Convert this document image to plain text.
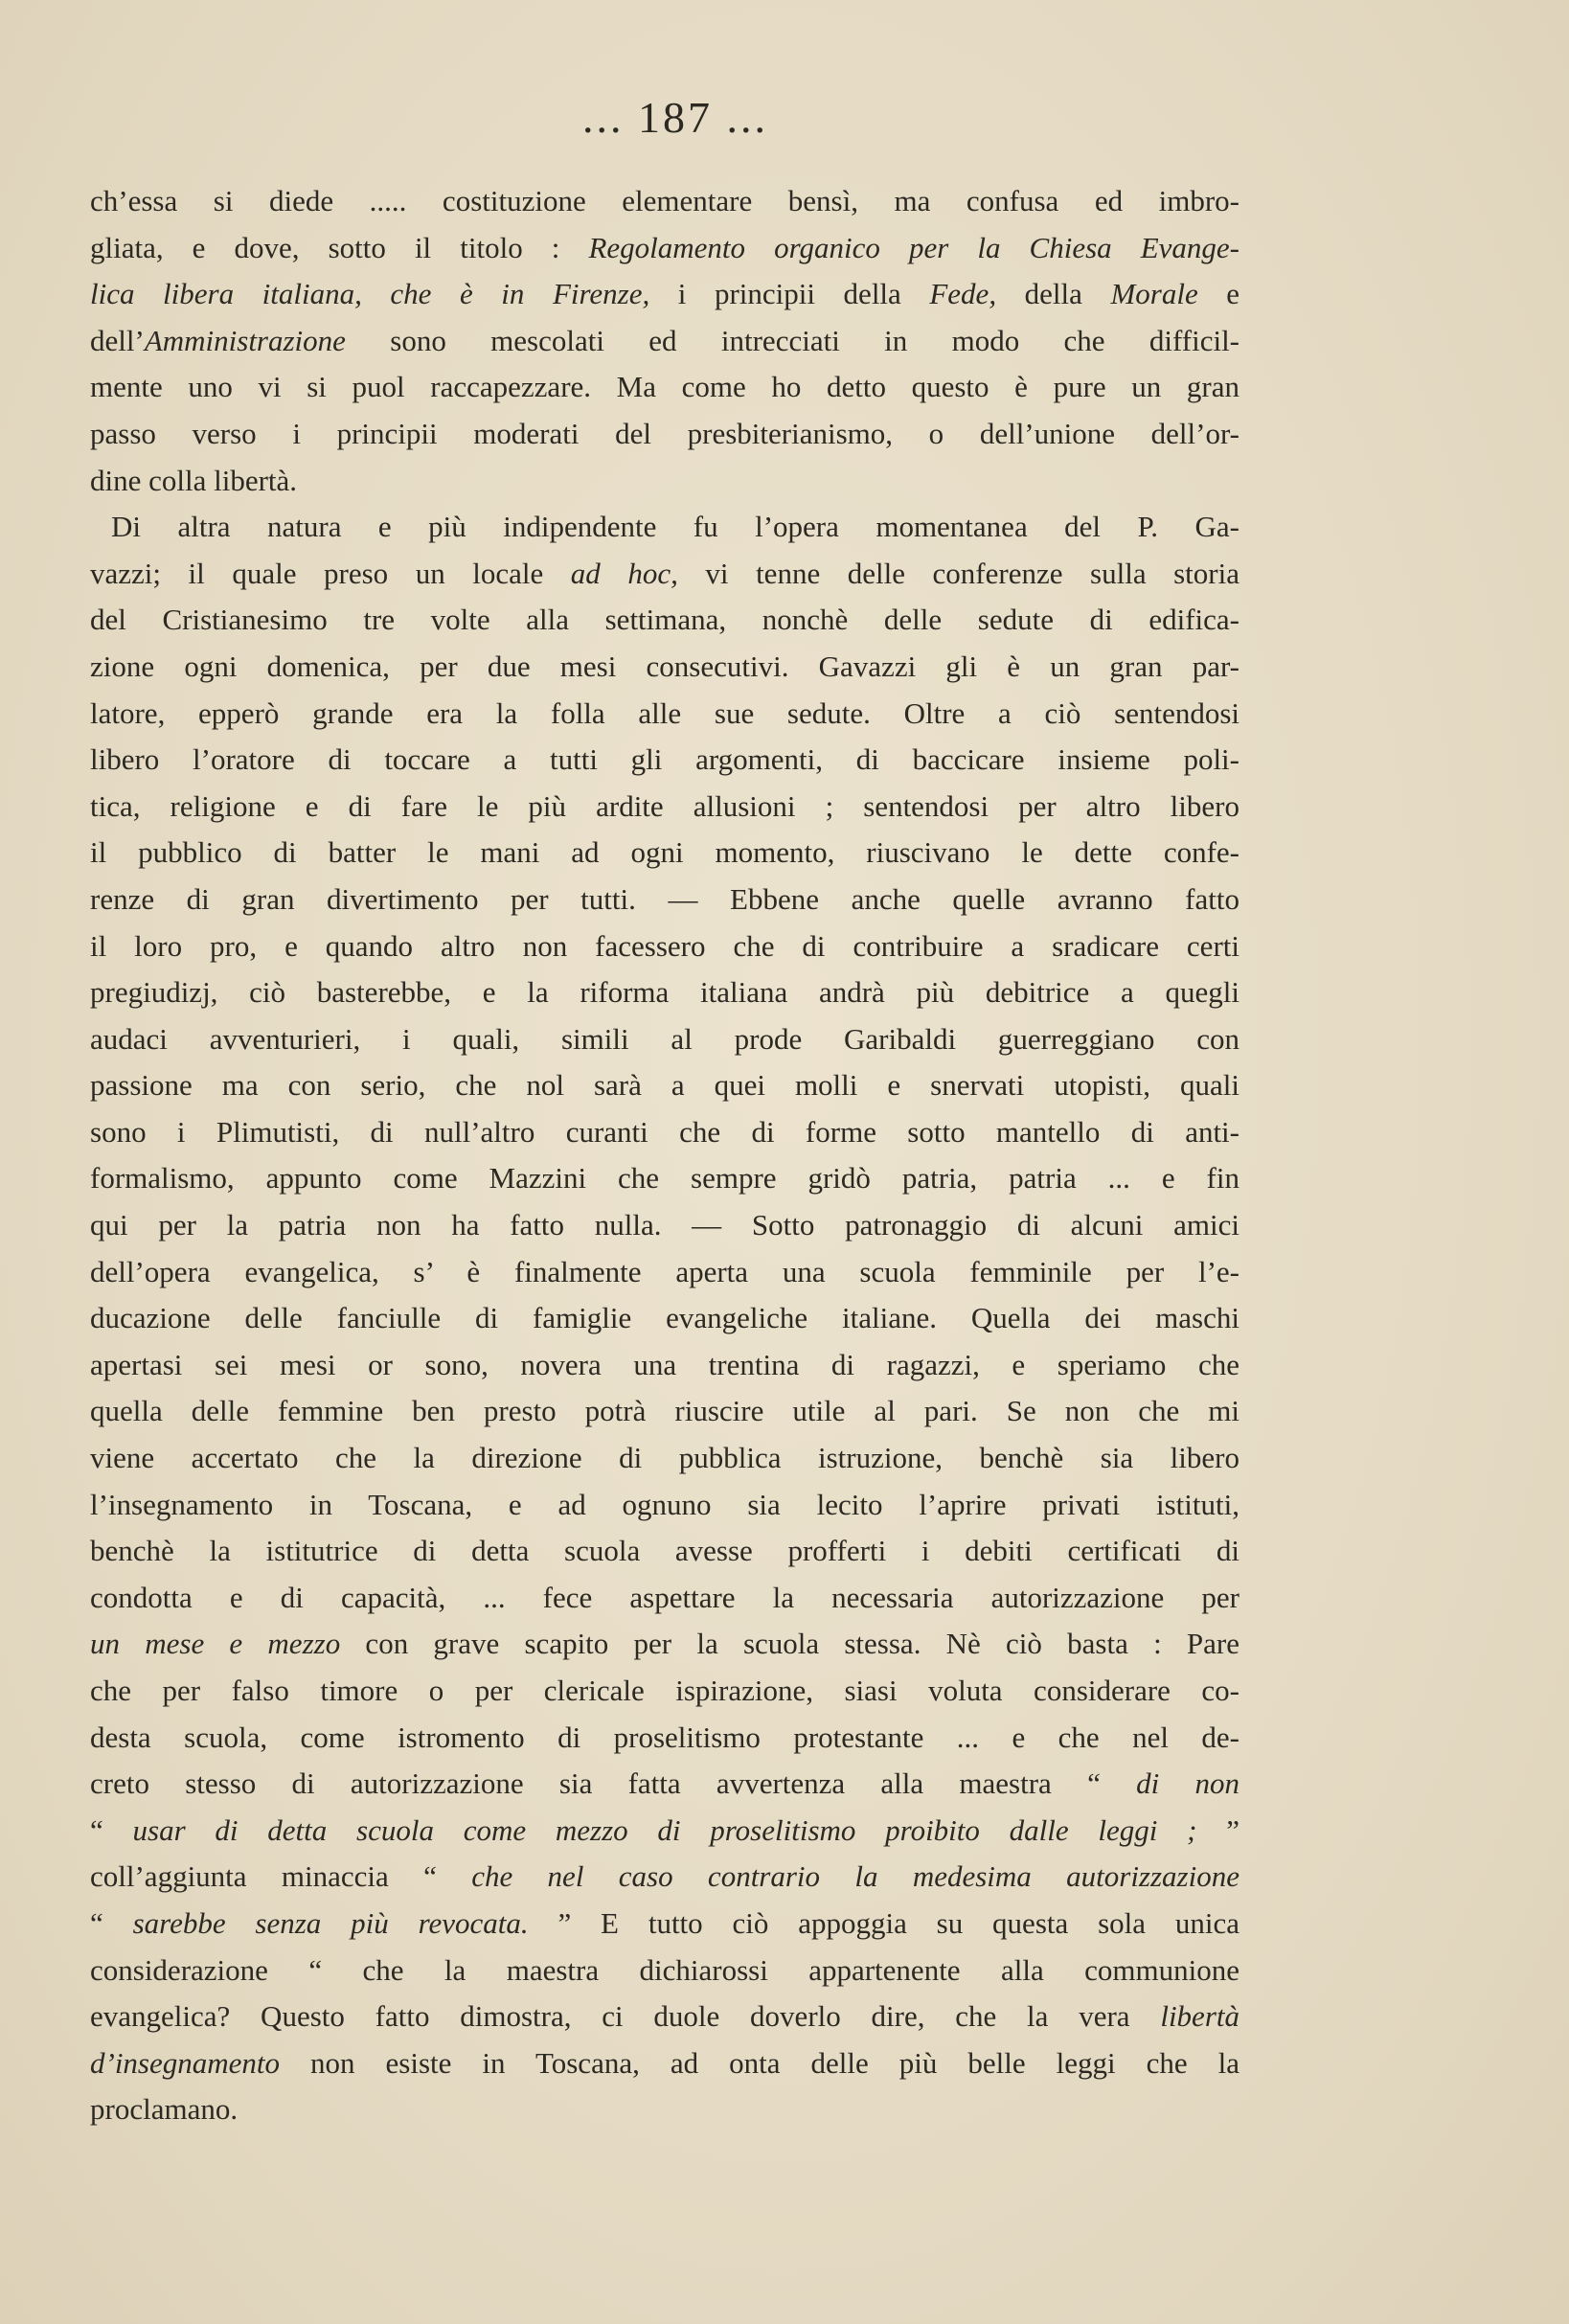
... 187 ...
ch’essa si diede ..... costituzione elementare bensì, ma confusa ed imbro-
gliata, e dove, sotto il titolo : Regolamento organico per la Chiesa Evange-
lica libera italiana, che è in Firenze, i principii della Fede, della Morale e
dell’Amministrazione sono mescolati ed intrecciati in modo che difficil-
mente uno vi si puol raccapezzare. Ma come ho detto questo è pure un gran
passo verso i principii moderati del presbiterianismo, o dell’unione dell’or-
dine colla libertà.
Di altra natura e più indipendente fu l’opera momentanea del P. Ga-
vazzi; il quale preso un locale ad hoc, vi tenne delle conferenze sulla storia
del Cristianesimo tre volte alla settimana, nonchè delle sedute di edifica-
zione ogni domenica, per due mesi consecutivi. Gavazzi gli è un gran par-
latore, epperò grande era la folla alle sue sedute. Oltre a ciò sentendosi
libero l’oratore di toccare a tutti gli argomenti, di baccicare insieme poli-
tica, religione e di fare le più ardite allusioni ; sentendosi per altro libero
il pubblico di batter le mani ad ogni momento, riuscivano le dette confe-
renze di gran divertimento per tutti. — Ebbene anche quelle avranno fatto
il loro pro, e quando altro non facessero che di contribuire a sradicare certi
pregiudizj, ciò basterebbe, e la riforma italiana andrà più debitrice a quegli
audaci avventurieri, i quali, simili al prode Garibaldi guerreggiano con
passione ma con serio, che nol sarà a quei molli e snervati utopisti, quali
sono i Plimutisti, di null’altro curanti che di forme sotto mantello di anti-
formalismo, appunto come Mazzini che sempre gridò patria, patria ... e fin
qui per la patria non ha fatto nulla. — Sotto patronaggio di alcuni amici
dell’opera evangelica, s’ è finalmente aperta una scuola femminile per l’e-
ducazione delle fanciulle di famiglie evangeliche italiane. Quella dei maschi
apertasi sei mesi or sono, novera una trentina di ragazzi, e speriamo che
quella delle femmine ben presto potrà riuscire utile al pari. Se non che mi
viene accertato che la direzione di pubblica istruzione, benchè sia libero
l’insegnamento in Toscana, e ad ognuno sia lecito l’aprire privati istituti,
benchè la istitutrice di detta scuola avesse profferti i debiti certificati di
condotta e di capacità, ... fece aspettare la necessaria autorizzazione per
un mese e mezzo con grave scapito per la scuola stessa. Nè ciò basta : Pare
che per falso timore o per clericale ispirazione, siasi voluta considerare co-
desta scuola, come istromento di proselitismo protestante ... e che nel de-
creto stesso di autorizzazione sia fatta avvertenza alla maestra “ di non
“ usar di detta scuola come mezzo di proselitismo proibito dalle leggi ; ”
coll’aggiunta minaccia “ che nel caso contrario la medesima autorizzazione
“ sarebbe senza più revocata. ” E tutto ciò appoggia su questa sola unica
considerazione “ che la maestra dichiarossi appartenente alla communione
evangelica? Questo fatto dimostra, ci duole doverlo dire, che la vera libertà
d’insegnamento non esiste in Toscana, ad onta delle più belle leggi che la
proclamano.
